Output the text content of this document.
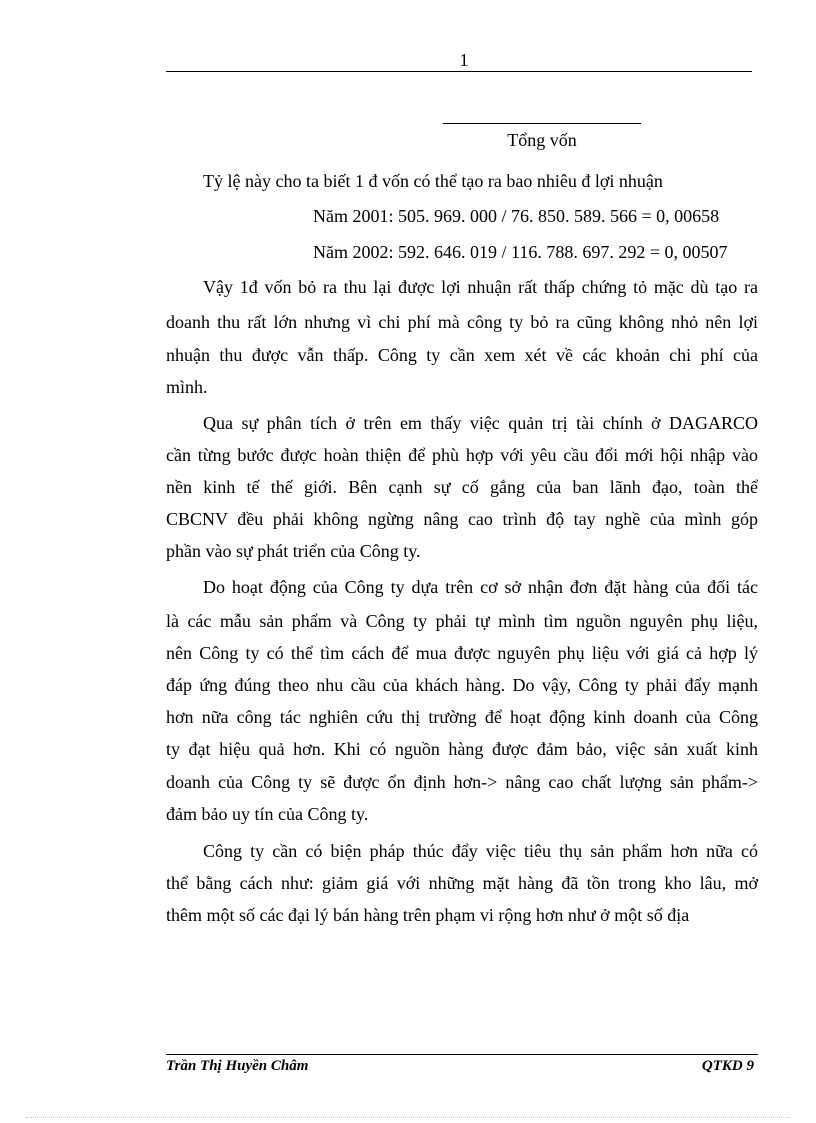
1
Tổng vốn
Tỷ lệ này cho ta biết 1 đ vốn có thể tạo ra bao nhiêu đ lợi nhuận
Năm 2001: 505. 969. 000 / 76. 850. 589. 566 = 0, 00658
Năm 2002: 592. 646. 019 / 116. 788. 697. 292 = 0, 00507
Vậy 1đ vốn bỏ ra thu lại được lợi nhuận rất thấp chứng tỏ mặc dù tạo ra
doanh thu rất lớn nhưng vì chi phí mà công ty bỏ ra cũng không nhỏ nên lợi
nhuận thu được vẫn thấp. Công ty cần xem xét về các khoản chi phí của
mình.
Qua sự phân tích ở trên em thấy việc quản trị tài chính ở DAGARCO
cần từng bước được hoàn thiện để phù hợp với yêu cầu đổi mới hội nhập vào
nền kinh tế thế giới. Bên cạnh sự cố gắng của ban lãnh đạo, toàn thể
CBCNV đều phải không ngừng nâng cao trình độ tay nghề của mình góp
phần vào sự phát triển của Công ty.
Do hoạt động của Công ty dựa trên cơ sở nhận đơn đặt hàng của đối tác
là các mẫu sản phẩm và Công ty phải tự mình tìm nguồn nguyên phụ liệu,
nên Công ty có thể tìm cách để mua được nguyên phụ liệu với giá cả hợp lý
đáp ứng đúng theo nhu cầu của khách hàng. Do vậy, Công ty phải đẩy mạnh
hơn nữa công tác nghiên cứu thị trường để hoạt động kinh doanh của Công
ty đạt hiệu quả hơn. Khi có nguồn hàng được đảm bảo, việc sản xuất kinh
doanh của Công ty sẽ được ổn định hơn-> nâng cao chất lượng sản phẩm->
đảm bảo uy tín của Công ty.
Công ty cần có biện pháp thúc đẩy việc tiêu thụ sản phẩm hơn nữa có
thể bằng cách như: giảm giá với những mặt hàng đã tồn trong kho lâu, mở
thêm một số các đại lý bán hàng trên phạm vi rộng hơn như ở một số địa
Trần Thị Huyền Châm	QTKD 9
